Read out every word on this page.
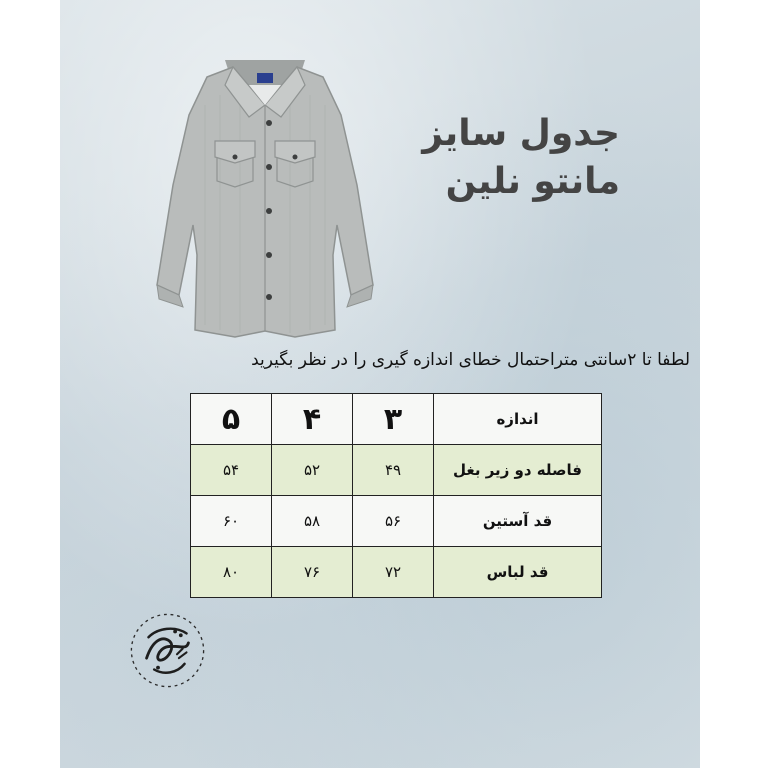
جدول سایز
مانتو نلین
لطفا تا ۲سانتی متراحتمال خطای اندازه گیری را در نظر بگیرید
اندازه	۳	۴	۵
فاصله دو زیر بغل	۴۹	۵۲	۵۴
قد آستین	۵۶	۵۸	۶۰
قد لباس	۷۲	۷۶	۸۰
